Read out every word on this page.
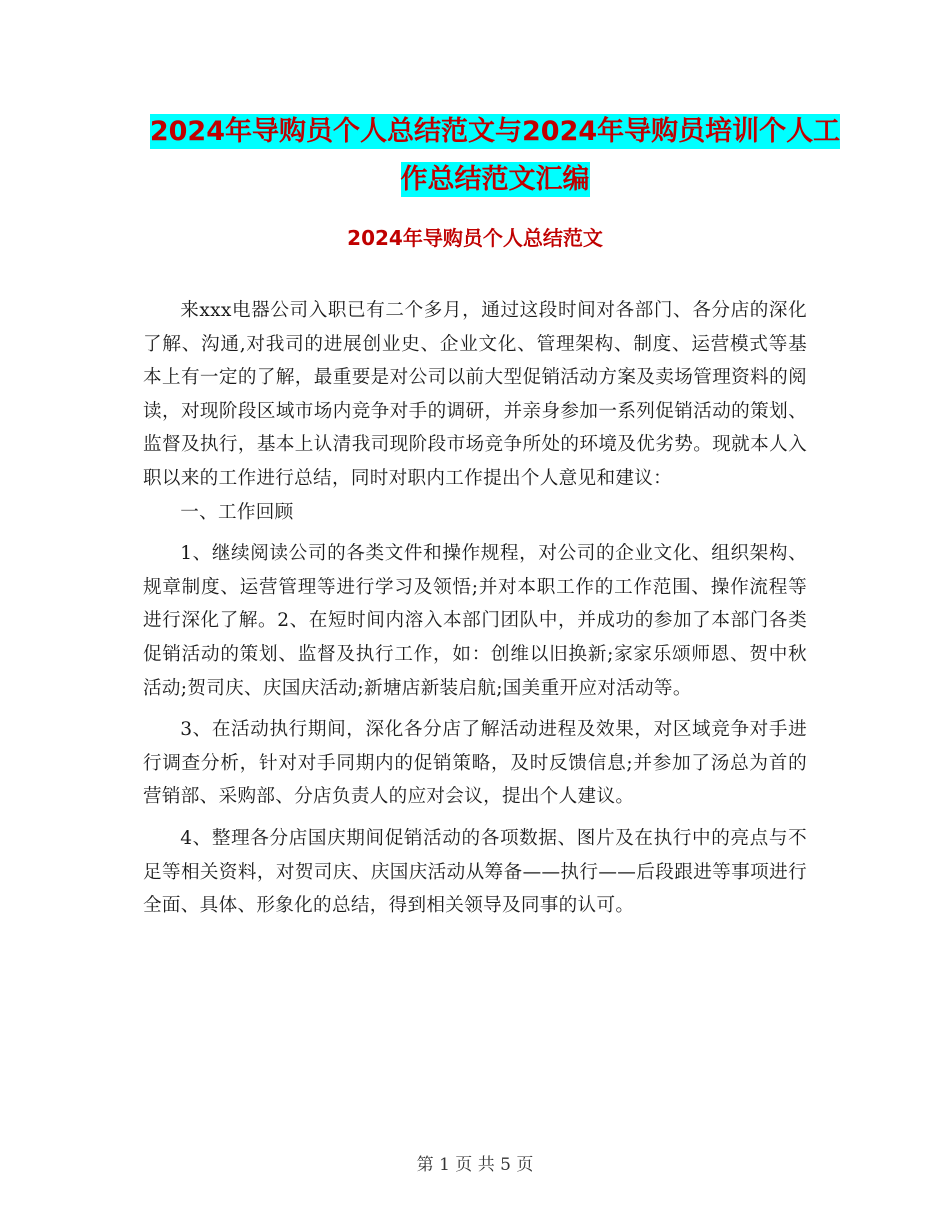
2024年导购员个人总结范文与2024年导购员培训个人工作总结范文汇编
2024年导购员个人总结范文

来xxx电器公司入职已有二个多月，通过这段时间对各部门、各分店的深化了解、沟通,对我司的进展创业史、企业文化、管理架构、制度、运营模式等基本上有一定的了解，最重要是对公司以前大型促销活动方案及卖场管理资料的阅读，对现阶段区域市场内竞争对手的调研，并亲身参加一系列促销活动的策划、监督及执行，基本上认清我司现阶段市场竞争所处的环境及优劣势。现就本人入职以来的工作进行总结，同时对职内工作提出个人意见和建议：

一、工作回顾

1、继续阅读公司的各类文件和操作规程，对公司的企业文化、组织架构、规章制度、运营管理等进行学习及领悟;并对本职工作的工作范围、操作流程等进行深化了解。2、在短时间内溶入本部门团队中，并成功的参加了本部门各类促销活动的策划、监督及执行工作，如：创维以旧换新;家家乐颂师恩、贺中秋活动;贺司庆、庆国庆活动;新塘店新装启航;国美重开应对活动等。

3、在活动执行期间，深化各分店了解活动进程及效果，对区域竞争对手进行调查分析，针对对手同期内的促销策略，及时反馈信息;并参加了汤总为首的营销部、采购部、分店负责人的应对会议，提出个人建议。

4、整理各分店国庆期间促销活动的各项数据、图片及在执行中的亮点与不足等相关资料，对贺司庆、庆国庆活动从筹备——执行——后段跟进等事项进行全面、具体、形象化的总结，得到相关领导及同事的认可。

第 1 页 共 5 页
